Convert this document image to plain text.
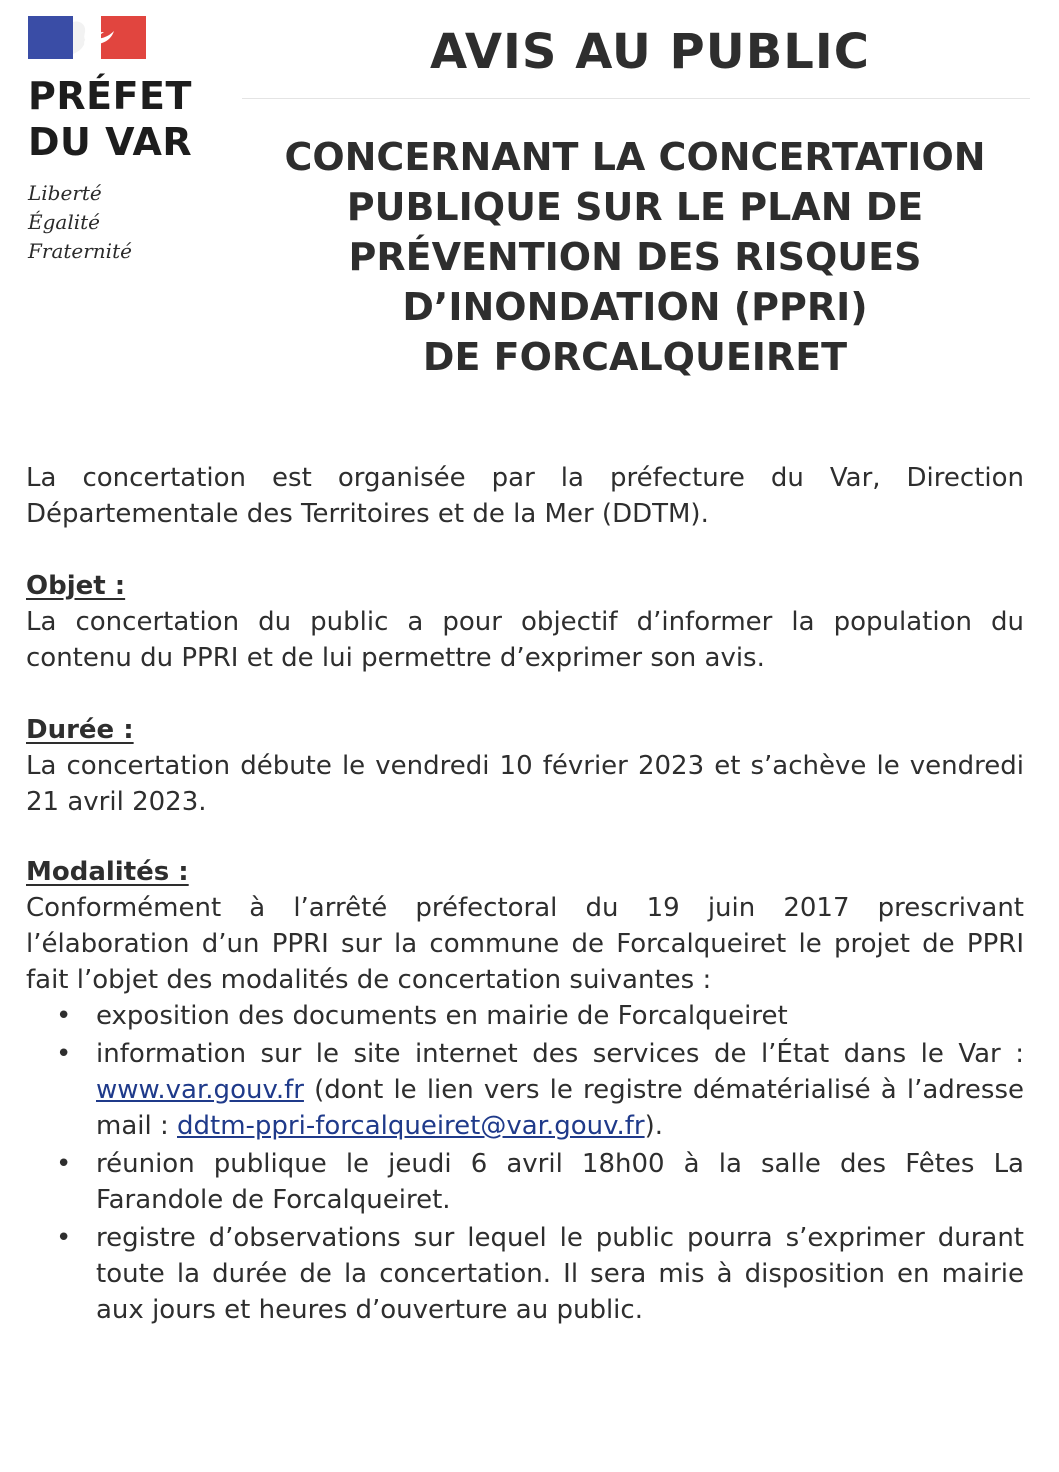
PRÉFET
DU VAR
Liberté
Égalité
Fraternité
AVIS AU PUBLIC
CONCERNANT LA CONCERTATION
PUBLIQUE SUR LE PLAN DE
PRÉVENTION DES RISQUES
D’INONDATION (PPRI)
DE FORCALQUEIRET

La concertation est organisée par la préfecture du Var, Direction Départementale des Territoires et de la Mer (DDTM).

Objet :

La concertation du public a pour objectif d’informer la population du contenu du PPRI et de lui permettre d’exprimer son avis.

Durée :

La concertation débute le vendredi 10 février 2023 et s’achève le vendredi 21 avril 2023.

Modalités :

Conformément à l’arrêté préfectoral du 19 juin 2017 prescrivant l’élaboration d’un PPRI sur la commune de Forcalqueiret le projet de PPRI fait l’objet des modalités de concertation suivantes :

• exposition des documents en mairie de Forcalqueiret
• information sur le site internet des services de l’État dans le Var : www.var.gouv.fr (dont le lien vers le registre dématérialisé à l’adresse mail : ddtm-ppri-forcalqueiret@var.gouv.fr).
• réunion publique le jeudi 6 avril 18h00 à la salle des Fêtes La Farandole de Forcalqueiret.
• registre d’observations sur lequel le public pourra s’exprimer durant toute la durée de la concertation. Il sera mis à disposition en mairie aux jours et heures d’ouverture au public.
